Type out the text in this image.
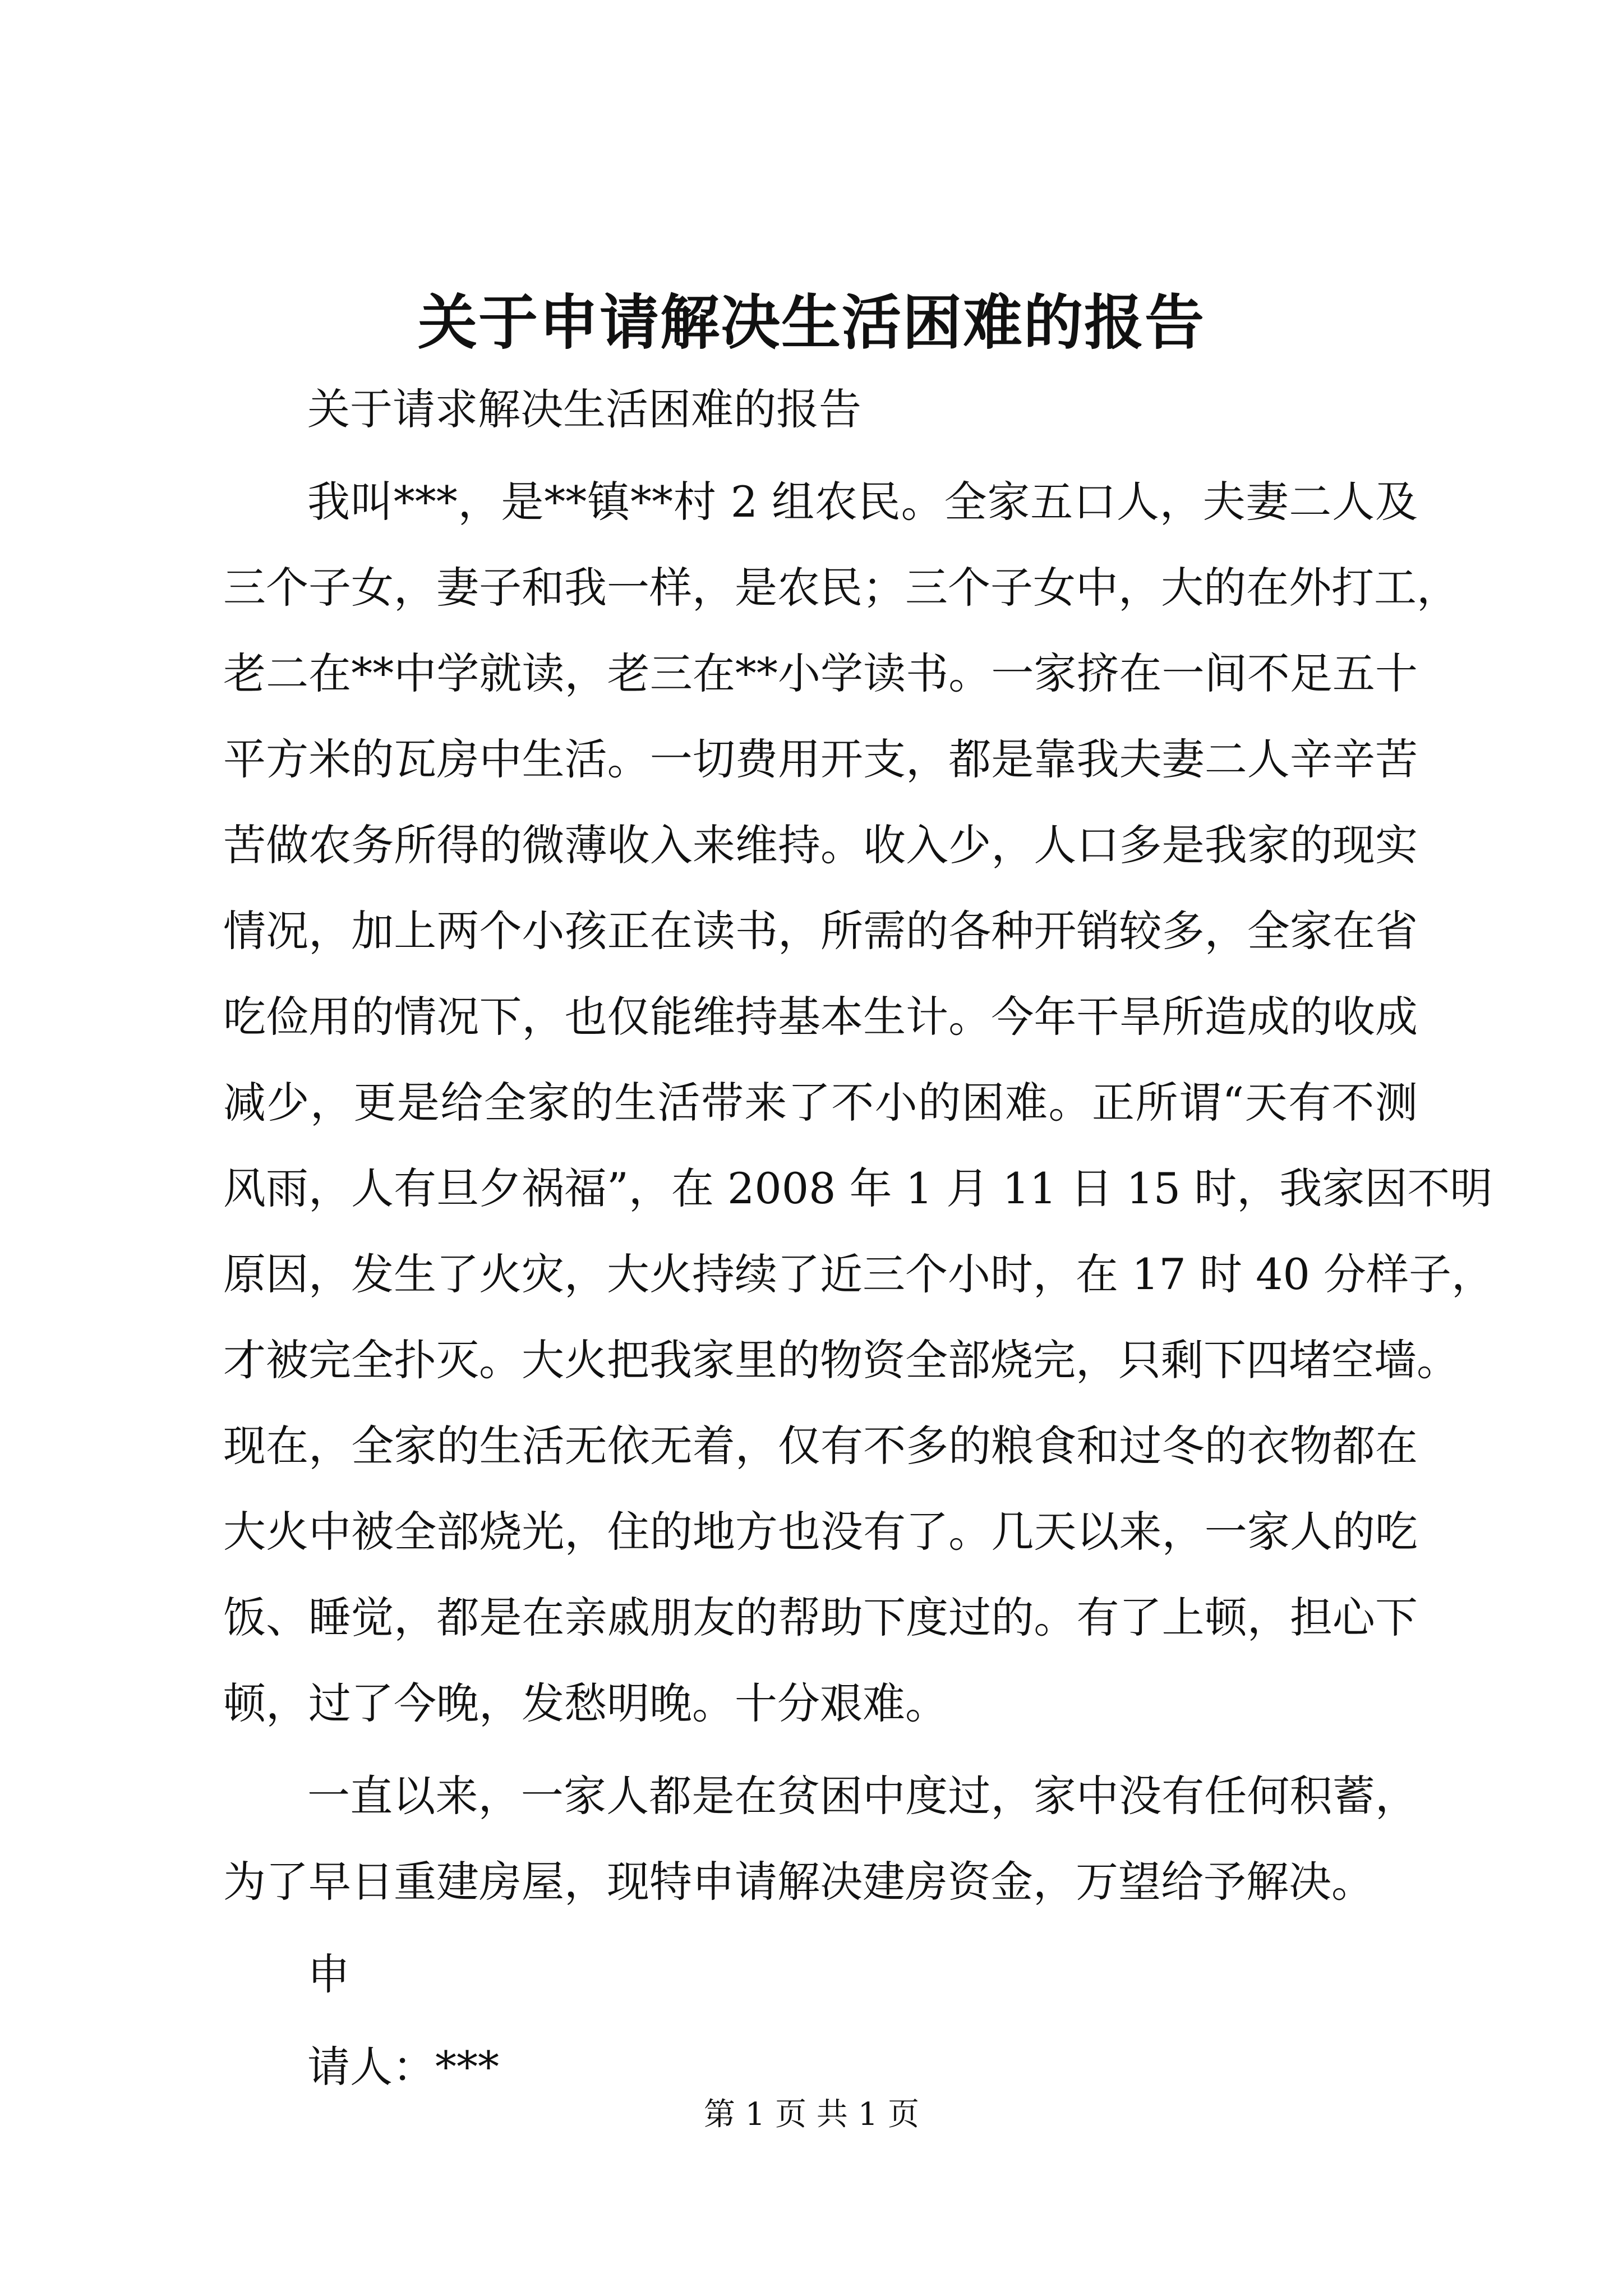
关于申请解决生活困难的报告
关于请求解决生活困难的报告
我叫***，是**镇**村 2 组农民。全家五口人，夫妻二人及
三个子女，妻子和我一样，是农民；三个子女中，大的在外打工，
老二在**中学就读，老三在**小学读书。一家挤在一间不足五十
平方米的瓦房中生活。一切费用开支，都是靠我夫妻二人辛辛苦
苦做农务所得的微薄收入来维持。收入少，人口多是我家的现实
情况，加上两个小孩正在读书，所需的各种开销较多，全家在省
吃俭用的情况下，也仅能维持基本生计。今年干旱所造成的收成
减少，更是给全家的生活带来了不小的困难。正所谓“天有不测
风雨，人有旦夕祸福”，在 2008 年 1 月 11 日 15 时，我家因不明
原因，发生了火灾，大火持续了近三个小时，在 17 时 40 分样子，
才被完全扑灭。大火把我家里的物资全部烧完，只剩下四堵空墙。
现在，全家的生活无依无着，仅有不多的粮食和过冬的衣物都在
大火中被全部烧光，住的地方也没有了。几天以来，一家人的吃
饭、睡觉，都是在亲戚朋友的帮助下度过的。有了上顿，担心下
顿，过了今晚，发愁明晚。十分艰难。
一直以来，一家人都是在贫困中度过，家中没有任何积蓄，
为了早日重建房屋，现特申请解决建房资金，万望给予解决。
申
请人：***
第 1 页 共 1 页
